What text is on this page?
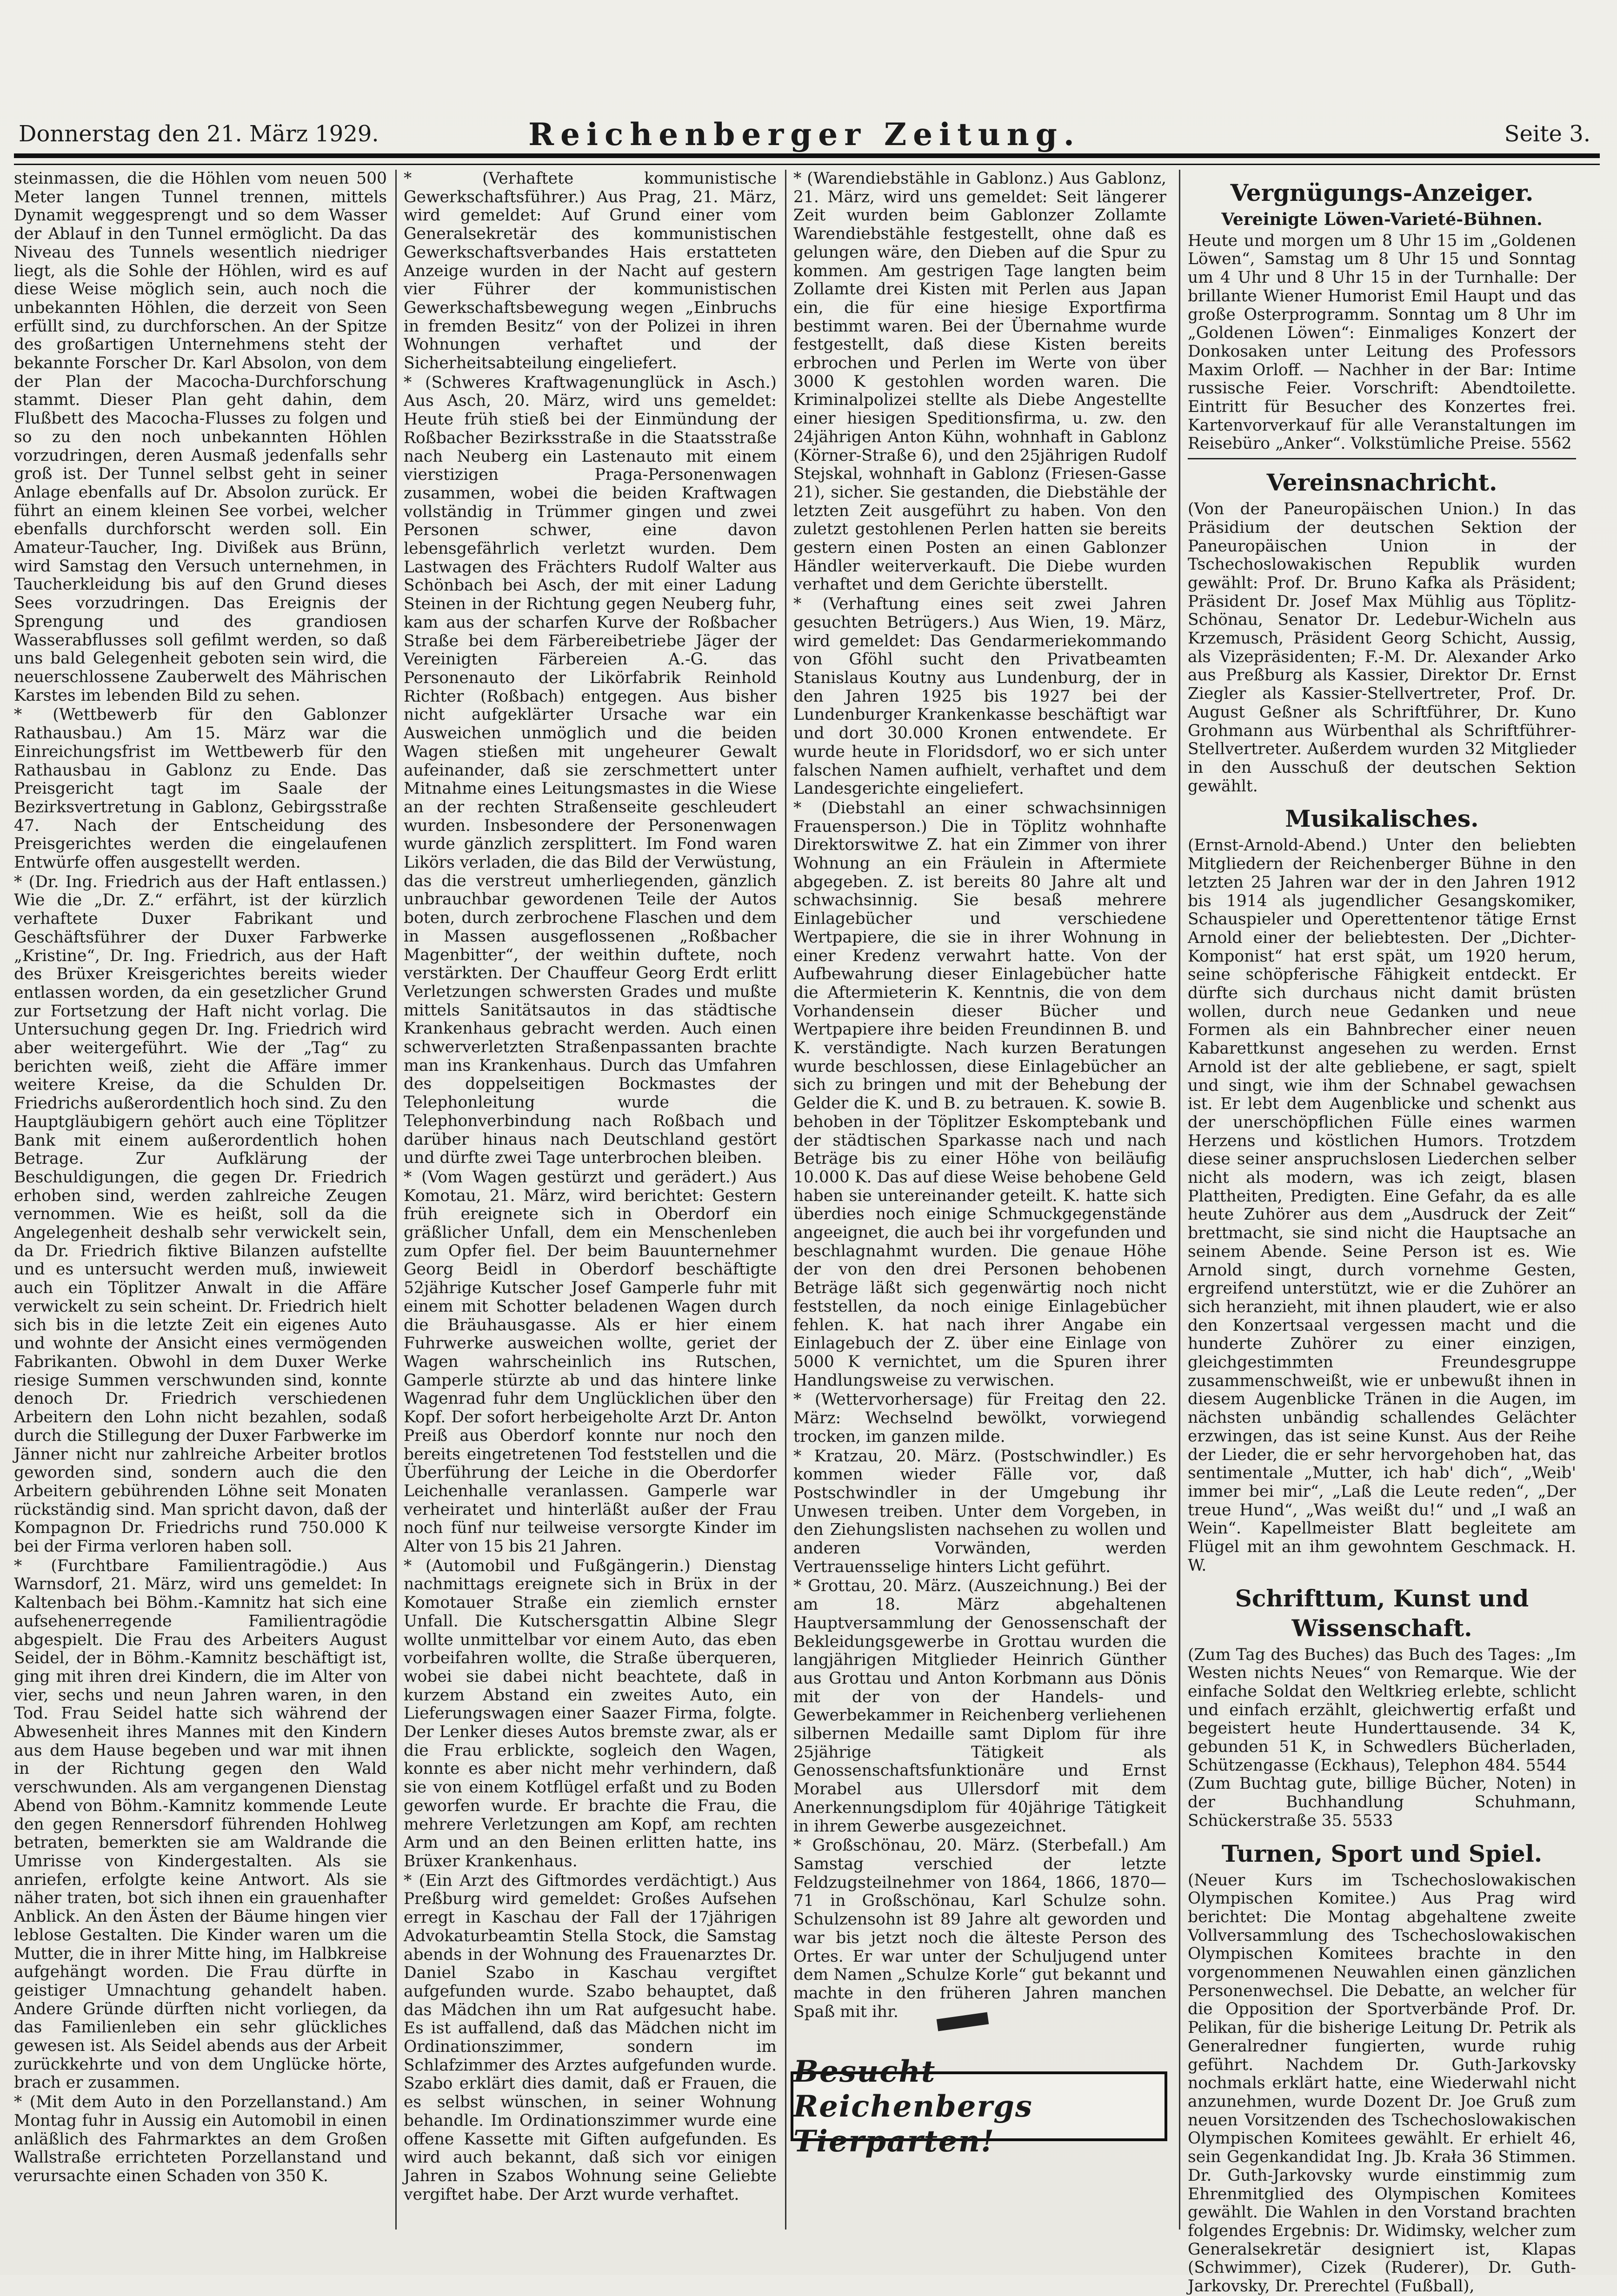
Donnerstag den 21. März 1929.	Reichenberger Zeitung.	Seite 3.

steinmassen, die die Höhlen vom neuen 500 Meter langen Tunnel trennen, mittels Dynamit weggesprengt und so dem Wasser der Ablauf in den Tunnel ermöglicht. Da das Niveau des Tunnels wesentlich niedriger liegt, als die Sohle der Höhlen, wird es auf diese Weise möglich sein, auch noch die unbekannten Höhlen, die derzeit von Seen erfüllt sind, zu durchforschen. An der Spitze des großartigen Unternehmens steht der bekannte Forscher Dr. Karl Absolon, von dem der Plan der Macocha-Durchforschung stammt. Dieser Plan geht dahin, dem Flußbett des Macocha-Flusses zu folgen und so zu den noch unbekannten Höhlen vorzudringen, deren Ausmaß jedenfalls sehr groß ist. Der Tunnel selbst geht in seiner Anlage ebenfalls auf Dr. Absolon zurück. Er führt an einem kleinen See vorbei, welcher ebenfalls durchforscht werden soll. Ein Amateur-Taucher, Ing. Divißek aus Brünn, wird Samstag den Versuch unternehmen, in Taucherkleidung bis auf den Grund dieses Sees vorzudringen. Das Ereignis der Sprengung und des grandiosen Wasserabflusses soll gefilmt werden, so daß uns bald Gelegenheit geboten sein wird, die neuerschlossene Zauberwelt des Mährischen Karstes im lebenden Bild zu sehen.

* (Wettbewerb für den Gablonzer Rathausbau.) Am 15. März war die Einreichungsfrist im Wettbewerb für den Rathausbau in Gablonz zu Ende. Das Preisgericht tagt im Saale der Bezirksvertretung in Gablonz, Gebirgsstraße 47. Nach der Entscheidung des Preisgerichtes werden die eingelaufenen Entwürfe offen ausgestellt werden.

* (Dr. Ing. Friedrich aus der Haft entlassen.) Wie die „Dr. Z.“ erfährt, ist der kürzlich verhaftete Duxer Fabrikant und Geschäftsführer der Duxer Farbwerke „Kristine“, Dr. Ing. Friedrich, aus der Haft des Brüxer Kreisgerichtes bereits wieder entlassen worden, da ein gesetzlicher Grund zur Fortsetzung der Haft nicht vorlag. Die Untersuchung gegen Dr. Ing. Friedrich wird aber weitergeführt. Wie der „Tag“ zu berichten weiß, zieht die Affäre immer weitere Kreise, da die Schulden Dr. Friedrichs außerordentlich hoch sind. Zu den Hauptgläubigern gehört auch eine Töplitzer Bank mit einem außerordentlich hohen Betrage. Zur Aufklärung der Beschuldigungen, die gegen Dr. Friedrich erhoben sind, werden zahlreiche Zeugen vernommen. Wie es heißt, soll da die Angelegenheit deshalb sehr verwickelt sein, da Dr. Friedrich fiktive Bilanzen aufstellte und es untersucht werden muß, inwieweit auch ein Töplitzer Anwalt in die Affäre verwickelt zu sein scheint. Dr. Friedrich hielt sich bis in die letzte Zeit ein eigenes Auto und wohnte der Ansicht eines vermögenden Fabrikanten. Obwohl in dem Duxer Werke riesige Summen verschwunden sind, konnte denoch Dr. Friedrich verschiedenen Arbeitern den Lohn nicht bezahlen, sodaß durch die Stillegung der Duxer Farbwerke im Jänner nicht nur zahlreiche Arbeiter brotlos geworden sind, sondern auch die den Arbeitern gebührenden Löhne seit Monaten rückständig sind. Man spricht davon, daß der Kompagnon Dr. Friedrichs rund 750.000 K bei der Firma verloren haben soll.

* (Furchtbare Familientragödie.) Aus Warnsdorf, 21. März, wird uns gemeldet: In Kaltenbach bei Böhm.-Kamnitz hat sich eine aufsehenerregende Familientragödie abgespielt. Die Frau des Arbeiters August Seidel, der in Böhm.-Kamnitz beschäftigt ist, ging mit ihren drei Kindern, die im Alter von vier, sechs und neun Jahren waren, in den Tod. Frau Seidel hatte sich während der Abwesenheit ihres Mannes mit den Kindern aus dem Hause begeben und war mit ihnen in der Richtung gegen den Wald verschwunden. Als am vergangenen Dienstag Abend von Böhm.-Kamnitz kommende Leute den gegen Rennersdorf führenden Hohlweg betraten, bemerkten sie am Waldrande die Umrisse von Kindergestalten. Als sie anriefen, erfolgte keine Antwort. Als sie näher traten, bot sich ihnen ein grauenhafter Anblick. An den Ästen der Bäume hingen vier leblose Gestalten. Die Kinder waren um die Mutter, die in ihrer Mitte hing, im Halbkreise aufgehängt worden. Die Frau dürfte in geistiger Umnachtung gehandelt haben. Andere Gründe dürften nicht vorliegen, da das Familienleben ein sehr glückliches gewesen ist. Als Seidel abends aus der Arbeit zurückkehrte und von dem Unglücke hörte, brach er zusammen.

* (Mit dem Auto in den Porzellanstand.) Am Montag fuhr in Aussig ein Automobil in einen anläßlich des Fahrmarktes an dem Großen Wallstraße errichteten Porzellanstand und verursachte einen Schaden von 350 K.

* (Verhaftete kommunistische Gewerkschaftsführer.) Aus Prag, 21. März, wird gemeldet: Auf Grund einer vom Generalsekretär des kommunistischen Gewerkschaftsverbandes Hais erstatteten Anzeige wurden in der Nacht auf gestern vier Führer der kommunistischen Gewerkschaftsbewegung wegen „Einbruchs in fremden Besitz“ von der Polizei in ihren Wohnungen verhaftet und der Sicherheitsabteilung eingeliefert.

* (Schweres Kraftwagenunglück in Asch.) Aus Asch, 20. März, wird uns gemeldet: Heute früh stieß bei der Einmündung der Roßbacher Bezirksstraße in die Staatsstraße nach Neuberg ein Lastenauto mit einem vierstizigen Praga-Personenwagen zusammen, wobei die beiden Kraftwagen vollständig in Trümmer gingen und zwei Personen schwer, eine davon lebensgefährlich verletzt wurden. Dem Lastwagen des Frächters Rudolf Walter aus Schönbach bei Asch, der mit einer Ladung Steinen in der Richtung gegen Neuberg fuhr, kam aus der scharfen Kurve der Roßbacher Straße bei dem Färbereibetriebe Jäger der Vereinigten Färbereien A.-G. das Personenauto der Likörfabrik Reinhold Richter (Roßbach) entgegen. Aus bisher nicht aufgeklärter Ursache war ein Ausweichen unmöglich und die beiden Wagen stießen mit ungeheurer Gewalt aufeinander, daß sie zerschmettert unter Mitnahme eines Leitungsmastes in die Wiese an der rechten Straßenseite geschleudert wurden. Insbesondere der Personenwagen wurde gänzlich zersplittert. Im Fond waren Likörs verladen, die das Bild der Verwüstung, das die verstreut umherliegenden, gänzlich unbrauchbar gewordenen Teile der Autos boten, durch zerbrochene Flaschen und dem in Massen ausgeflossenen „Roßbacher Magenbitter“, der weithin duftete, noch verstärkten. Der Chauffeur Georg Erdt erlitt Verletzungen schwersten Grades und mußte mittels Sanitätsautos in das städtische Krankenhaus gebracht werden. Auch einen schwerverletzten Straßenpassanten brachte man ins Krankenhaus. Durch das Umfahren des doppelseitigen Bockmastes der Telephonleitung wurde die Telephonverbindung nach Roßbach und darüber hinaus nach Deutschland gestört und dürfte zwei Tage unterbrochen bleiben.

* (Vom Wagen gestürzt und gerädert.) Aus Komotau, 21. März, wird berichtet: Gestern früh ereignete sich in Oberdorf ein gräßlicher Unfall, dem ein Menschenleben zum Opfer fiel. Der beim Bauunternehmer Georg Beidl in Oberdorf beschäftigte 52jährige Kutscher Josef Gamperle fuhr mit einem mit Schotter beladenen Wagen durch die Bräuhausgasse. Als er hier einem Fuhrwerke ausweichen wollte, geriet der Wagen wahrscheinlich ins Rutschen, Gamperle stürzte ab und das hintere linke Wagenrad fuhr dem Unglücklichen über den Kopf. Der sofort herbeigeholte Arzt Dr. Anton Preiß aus Oberdorf konnte nur noch den bereits eingetretenen Tod feststellen und die Überführung der Leiche in die Oberdorfer Leichenhalle veranlassen. Gamperle war verheiratet und hinterläßt außer der Frau noch fünf nur teilweise versorgte Kinder im Alter von 15 bis 21 Jahren.

* (Automobil und Fußgängerin.) Dienstag nachmittags ereignete sich in Brüx in der Komotauer Straße ein ziemlich ernster Unfall. Die Kutschersgattin Albine Slegr wollte unmittelbar vor einem Auto, das eben vorbeifahren wollte, die Straße überqueren, wobei sie dabei nicht beachtete, daß in kurzem Abstand ein zweites Auto, ein Lieferungswagen einer Saazer Firma, folgte. Der Lenker dieses Autos bremste zwar, als er die Frau erblickte, sogleich den Wagen, konnte es aber nicht mehr verhindern, daß sie von einem Kotflügel erfaßt und zu Boden geworfen wurde. Er brachte die Frau, die mehrere Verletzungen am Kopf, am rechten Arm und an den Beinen erlitten hatte, ins Brüxer Krankenhaus.

* (Ein Arzt des Giftmordes verdächtigt.) Aus Preßburg wird gemeldet: Großes Aufsehen erregt in Kaschau der Fall der 17jährigen Advokaturbeamtin Stella Stock, die Samstag abends in der Wohnung des Frauenarztes Dr. Daniel Szabo in Kaschau vergiftet aufgefunden wurde. Szabo behauptet, daß das Mädchen ihn um Rat aufgesucht habe. Es ist auffallend, daß das Mädchen nicht im Ordinationszimmer, sondern im Schlafzimmer des Arztes aufgefunden wurde. Szabo erklärt dies damit, daß er Frauen, die es selbst wünschen, in seiner Wohnung behandle. Im Ordinationszimmer wurde eine offene Kassette mit Giften aufgefunden. Es wird auch bekannt, daß sich vor einigen Jahren in Szabos Wohnung seine Geliebte vergiftet habe. Der Arzt wurde verhaftet.

* (Warendiebstähle in Gablonz.) Aus Gablonz, 21. März, wird uns gemeldet: Seit längerer Zeit wurden beim Gablonzer Zollamte Warendiebstähle festgestellt, ohne daß es gelungen wäre, den Dieben auf die Spur zu kommen. Am gestrigen Tage langten beim Zollamte drei Kisten mit Perlen aus Japan ein, die für eine hiesige Exportfirma bestimmt waren. Bei der Übernahme wurde festgestellt, daß diese Kisten bereits erbrochen und Perlen im Werte von über 3000 K gestohlen worden waren. Die Kriminalpolizei stellte als Diebe Angestellte einer hiesigen Speditionsfirma, u. zw. den 24jährigen Anton Kühn, wohnhaft in Gablonz (Körner-Straße 6), und den 25jährigen Rudolf Stejskal, wohnhaft in Gablonz (Friesen-Gasse 21), sicher. Sie gestanden, die Diebstähle der letzten Zeit ausgeführt zu haben. Von den zuletzt gestohlenen Perlen hatten sie bereits gestern einen Posten an einen Gablonzer Händler weiterverkauft. Die Diebe wurden verhaftet und dem Gerichte überstellt.

* (Verhaftung eines seit zwei Jahren gesuchten Betrügers.) Aus Wien, 19. März, wird gemeldet: Das Gendarmeriekommando von Gföhl sucht den Privatbeamten Stanislaus Koutny aus Lundenburg, der in den Jahren 1925 bis 1927 bei der Lundenburger Krankenkasse beschäftigt war und dort 30.000 Kronen entwendete. Er wurde heute in Floridsdorf, wo er sich unter falschen Namen aufhielt, verhaftet und dem Landesgerichte eingeliefert.

* (Diebstahl an einer schwachsinnigen Frauensperson.) Die in Töplitz wohnhafte Direktorswitwe Z. hat ein Zimmer von ihrer Wohnung an ein Fräulein in Aftermiete abgegeben. Z. ist bereits 80 Jahre alt und schwachsinnig. Sie besaß mehrere Einlagebücher und verschiedene Wertpapiere, die sie in ihrer Wohnung in einer Kredenz verwahrt hatte. Von der Aufbewahrung dieser Einlagebücher hatte die Aftermieterin K. Kenntnis, die von dem Vorhandensein dieser Bücher und Wertpapiere ihre beiden Freundinnen B. und K. verständigte. Nach kurzen Beratungen wurde beschlossen, diese Einlagebücher an sich zu bringen und mit der Behebung der Gelder die K. und B. zu betrauen. K. sowie B. behoben in der Töplitzer Eskomptebank und der städtischen Sparkasse nach und nach Beträge bis zu einer Höhe von beiläufig 10.000 K. Das auf diese Weise behobene Geld haben sie untereinander geteilt. K. hatte sich überdies noch einige Schmuckgegenstände angeeignet, die auch bei ihr vorgefunden und beschlagnahmt wurden. Die genaue Höhe der von den drei Personen behobenen Beträge läßt sich gegenwärtig noch nicht feststellen, da noch einige Einlagebücher fehlen. K. hat nach ihrer Angabe ein Einlagebuch der Z. über eine Einlage von 5000 K vernichtet, um die Spuren ihrer Handlungsweise zu verwischen.

* (Wettervorhersage) für Freitag den 22. März: Wechselnd bewölkt, vorwiegend trocken, im ganzen milde.

* Kratzau, 20. März. (Postschwindler.) Es kommen wieder Fälle vor, daß Postschwindler in der Umgebung ihr Unwesen treiben. Unter dem Vorgeben, in den Ziehungslisten nachsehen zu wollen und anderen Vorwänden, werden Vertrauensselige hinters Licht geführt.

* Grottau, 20. März. (Auszeichnung.) Bei der am 18. März abgehaltenen Hauptversammlung der Genossenschaft der Bekleidungsgewerbe in Grottau wurden die langjährigen Mitglieder Heinrich Günther aus Grottau und Anton Korbmann aus Dönis mit der von der Handels- und Gewerbekammer in Reichenberg verliehenen silbernen Medaille samt Diplom für ihre 25jährige Tätigkeit als Genossenschaftsfunktionäre und Ernst Morabel aus Ullersdorf mit dem Anerkennungsdiplom für 40jährige Tätigkeit in ihrem Gewerbe ausgezeichnet.

* Großschönau, 20. März. (Sterbefall.) Am Samstag verschied der letzte Feldzugsteilnehmer von 1864, 1866, 1870—71 in Großschönau, Karl Schulze sohn. Schulzensohn ist 89 Jahre alt geworden und war bis jetzt noch die älteste Person des Ortes. Er war unter der Schuljugend unter dem Namen „Schulze Korle“ gut bekannt und machte in den früheren Jahren manchen Spaß mit ihr.

Besucht Reichenbergs Tierparten!
Vergnügungs-Anzeiger.
Vereinigte Löwen-Varieté-Bühnen.

Heute und morgen um 8 Uhr 15 im „Goldenen Löwen“, Samstag um 8 Uhr 15 und Sonntag um 4 Uhr und 8 Uhr 15 in der Turnhalle: Der brillante Wiener Humorist Emil Haupt und das große Osterprogramm. Sonntag um 8 Uhr im „Goldenen Löwen“: Einmaliges Konzert der Donkosaken unter Leitung des Professors Maxim Orloff. — Nachher in der Bar: Intime russische Feier. Vorschrift: Abendtoilette. Eintritt für Besucher des Konzertes frei. Kartenvorverkauf für alle Veranstaltungen im Reisebüro „Anker“. Volkstümliche Preise. 5562

Vereinsnachricht.

(Von der Paneuropäischen Union.) In das Präsidium der deutschen Sektion der Paneuropäischen Union in der Tschechoslowakischen Republik wurden gewählt: Prof. Dr. Bruno Kafka als Präsident; Präsident Dr. Josef Max Mühlig aus Töplitz-Schönau, Senator Dr. Ledebur-Wicheln aus Krzemusch, Präsident Georg Schicht, Aussig, als Vizepräsidenten; F.-M. Dr. Alexander Arko aus Preßburg als Kassier, Direktor Dr. Ernst Ziegler als Kassier-Stellvertreter, Prof. Dr. August Geßner als Schriftführer, Dr. Kuno Grohmann aus Würbenthal als Schriftführer-Stellvertreter. Außerdem wurden 32 Mitglieder in den Ausschuß der deutschen Sektion gewählt.

Musikalisches.

(Ernst-Arnold-Abend.) Unter den beliebten Mitgliedern der Reichenberger Bühne in den letzten 25 Jahren war der in den Jahren 1912 bis 1914 als jugendlicher Gesangskomiker, Schauspieler und Operettentenor tätige Ernst Arnold einer der beliebtesten. Der „Dichter-Komponist“ hat erst spät, um 1920 herum, seine schöpferische Fähigkeit entdeckt. Er dürfte sich durchaus nicht damit brüsten wollen, durch neue Gedanken und neue Formen als ein Bahnbrecher einer neuen Kabarettkunst angesehen zu werden. Ernst Arnold ist der alte gebliebene, er sagt, spielt und singt, wie ihm der Schnabel gewachsen ist. Er lebt dem Augenblicke und schenkt aus der unerschöpflichen Fülle eines warmen Herzens und köstlichen Humors. Trotzdem diese seiner anspruchslosen Liederchen selber nicht als modern, was ich zeigt, blasen Plattheiten, Predigten. Eine Gefahr, da es alle heute Zuhörer aus dem „Ausdruck der Zeit“ brettmacht, sie sind nicht die Hauptsache an seinem Abende. Seine Person ist es. Wie Arnold singt, durch vornehme Gesten, ergreifend unterstützt, wie er die Zuhörer an sich heranzieht, mit ihnen plaudert, wie er also den Konzertsaal vergessen macht und die hunderte Zuhörer zu einer einzigen, gleichgestimmten Freundesgruppe zusammenschweißt, wie er unbewußt ihnen in diesem Augenblicke Tränen in die Augen, im nächsten unbändig schallendes Gelächter erzwingen, das ist seine Kunst. Aus der Reihe der Lieder, die er sehr hervorgehoben hat, das sentimentale „Mutter, ich hab' dich“, „Weib' immer bei mir“, „Laß die Leute reden“, „Der treue Hund“, „Was weißt du!“ und „I waß an Wein“. Kapellmeister Blatt begleitete am Flügel mit an ihm gewohntem Geschmack. H. W.

Schrifttum, Kunst und Wissenschaft.

(Zum Tag des Buches) das Buch des Tages: „Im Westen nichts Neues“ von Remarque. Wie der einfache Soldat den Weltkrieg erlebte, schlicht und einfach erzählt, gleichwertig erfaßt und begeistert heute Hunderttausende. 34 K, gebunden 51 K, in Schwedlers Bücherladen, Schützengasse (Eckhaus), Telephon 484. 5544

(Zum Buchtag gute, billige Bücher, Noten) in der Buchhandlung Schuhmann, Schückerstraße 35. 5533

Turnen, Sport und Spiel.

(Neuer Kurs im Tschechoslowakischen Olympischen Komitee.) Aus Prag wird berichtet: Die Montag abgehaltene zweite Vollversammlung des Tschechoslowakischen Olympischen Komitees brachte in den vorgenommenen Neuwahlen einen gänzlichen Personenwechsel. Die Debatte, an welcher für die Opposition der Sportverbände Prof. Dr. Pelikan, für die bisherige Leitung Dr. Petrik als Generalredner fungierten, wurde ruhig geführt. Nachdem Dr. Guth-Jarkovsky nochmals erklärt hatte, eine Wiederwahl nicht anzunehmen, wurde Dozent Dr. Joe Gruß zum neuen Vorsitzenden des Tschechoslowakischen Olympischen Komitees gewählt. Er erhielt 46, sein Gegenkandidat Ing. Jb. Krała 36 Stimmen. Dr. Guth-Jarkovsky wurde einstimmig zum Ehrenmitglied des Olympischen Komitees gewählt. Die Wahlen in den Vorstand brachten folgendes Ergebnis: Dr. Widimsky, welcher zum Generalsekretär designiert ist, Klapas (Schwimmer), Cizek (Ruderer), Dr. Guth-Jarkovsky, Dr. Prerechtel (Fußball),
